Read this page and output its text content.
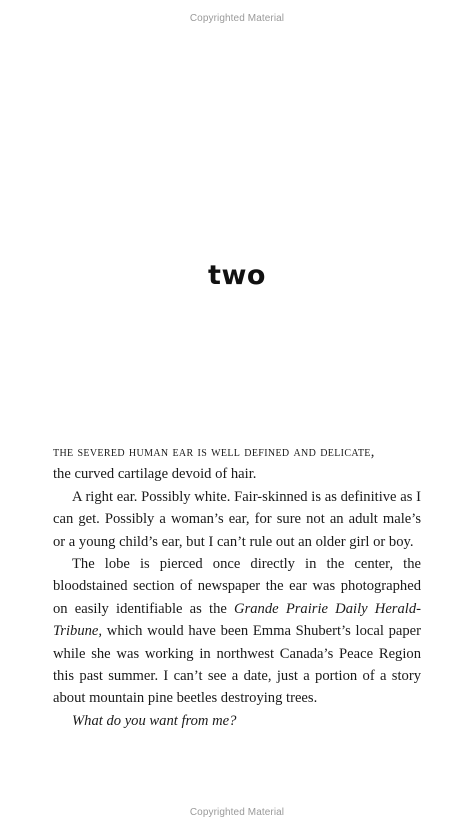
Copyrighted Material
two

the severed human ear is well defined and delicate,
the curved cartilage devoid of hair.

A right ear. Possibly white. Fair-skinned is as definitive as I can get. Possibly a woman’s ear, for sure not an adult male’s or a young child’s ear, but I can’t rule out an older girl or boy.

The lobe is pierced once directly in the center, the bloodstained section of newspaper the ear was photographed on easily identifiable as the Grande Prairie Daily Herald-Tribune, which would have been Emma Shubert’s local paper while she was working in northwest Canada’s Peace Region this past summer. I can’t see a date, just a portion of a story about mountain pine beetles destroying trees.

What do you want from me?

Copyrighted Material
